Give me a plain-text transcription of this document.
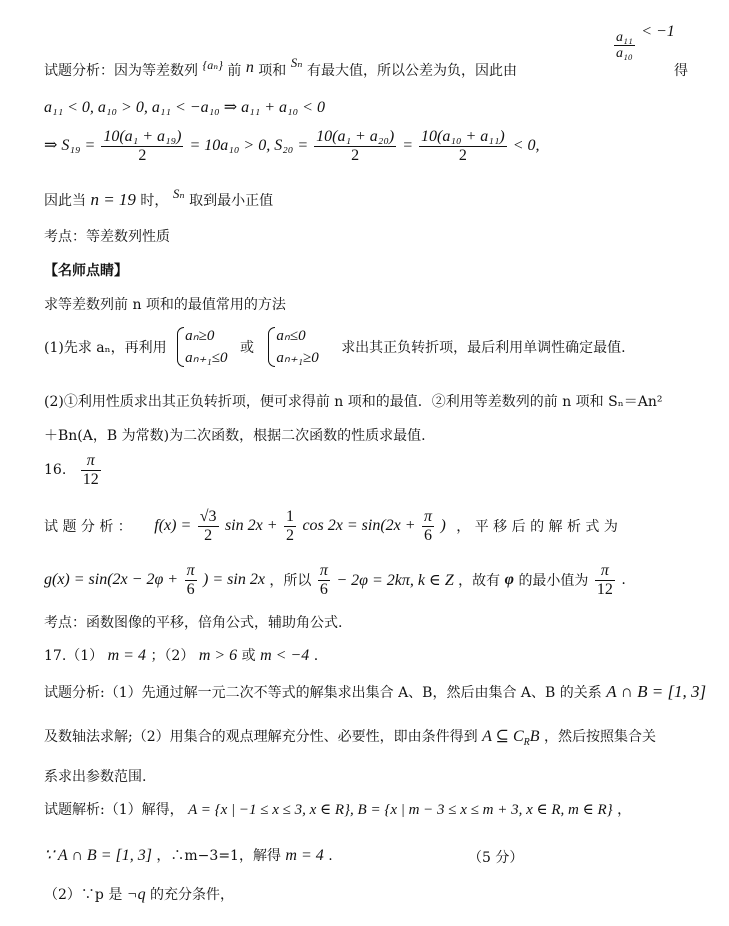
试题分析：因为等差数列 {aₙ} 前 n 项和 Sₙ 有最大值，所以公差为负，因此由
$\frac{\text{a₁₁}}{\text{a₁₀}} < -1$
得
a₁₁ < 0, a₁₀ > 0, a₁₁ < −a₁₀ ⇒ a₁₁ + a₁₀ < 0
⇒ $S_{19} = \frac{\text{10(a₁ + a₁₉)}}{2} = 10a_{10} > 0$, $S_{20} = \frac{\text{10(a₁ + a₂₀)}}{2} = \frac{\text{10(a₁₀ + a₁₁)}}{2} < 0$,
因此当 n = 19 时， Sₙ 取到最小正值
考点：等差数列性质
【名师点睛】
求等差数列前 n 项和的最值常用的方法
(1)先求 aₙ，再利用
aₙ≥0
aₙ₊₁≤0
或
aₙ≤0
aₙ₊₁≥0
求出其正负转折项，最后利用单调性确定最值.
(2)①利用性质求出其正负转折项，便可求得前 n 项和的最值．②利用等差数列的前 n 项和 Sₙ＝An²
＋Bn(A，B 为常数)为二次函数，根据二次函数的性质求最值.
16. $\frac{\pi}{12}$
试 题 分 析 ： $f(x) = \frac{√3}{2}$ $\sin 2x + \frac{1}{2}$ $\cos 2x = \sin(2x + \frac{\pi}{6}$ ) ， 平 移 后 的 解 析 式 为
$g(x) = \sin(2x - 2\varphi + \frac{\pi}{6}$ ) = sin 2x ，所以 $\frac{\pi}{6} - 2\varphi = 2k\pi$, k ∈ Z ，故有 φ 的最小值为 $\frac{\pi}{12}$ .
考点：函数图像的平移，倍角公式，辅助角公式.
17.（1） m = 4 ；（2） m > 6 或 m < −4 .
试题分析:（1）先通过解一元二次不等式的解集求出集合 A、B，然后由集合 A、B 的关系 A ∩ B = [1, 3]
及数轴法求解;（2）用集合的观点理解充分性、必要性，即由条件得到 A ⊆ $C_RB$ ，然后按照集合关
系求出参数范围.
试题解析:（1）解得， A = {x | −1 ≤ x ≤ 3, x ∈ R}, B = {x | m − 3 ≤ x ≤ m + 3, x ∈ R, m ∈ R} ，
∵ A ∩ B = [1, 3] ，∴m−3=1，解得 m = 4 .	（5 分）
（2）∵p 是 ¬q 的充分条件，
